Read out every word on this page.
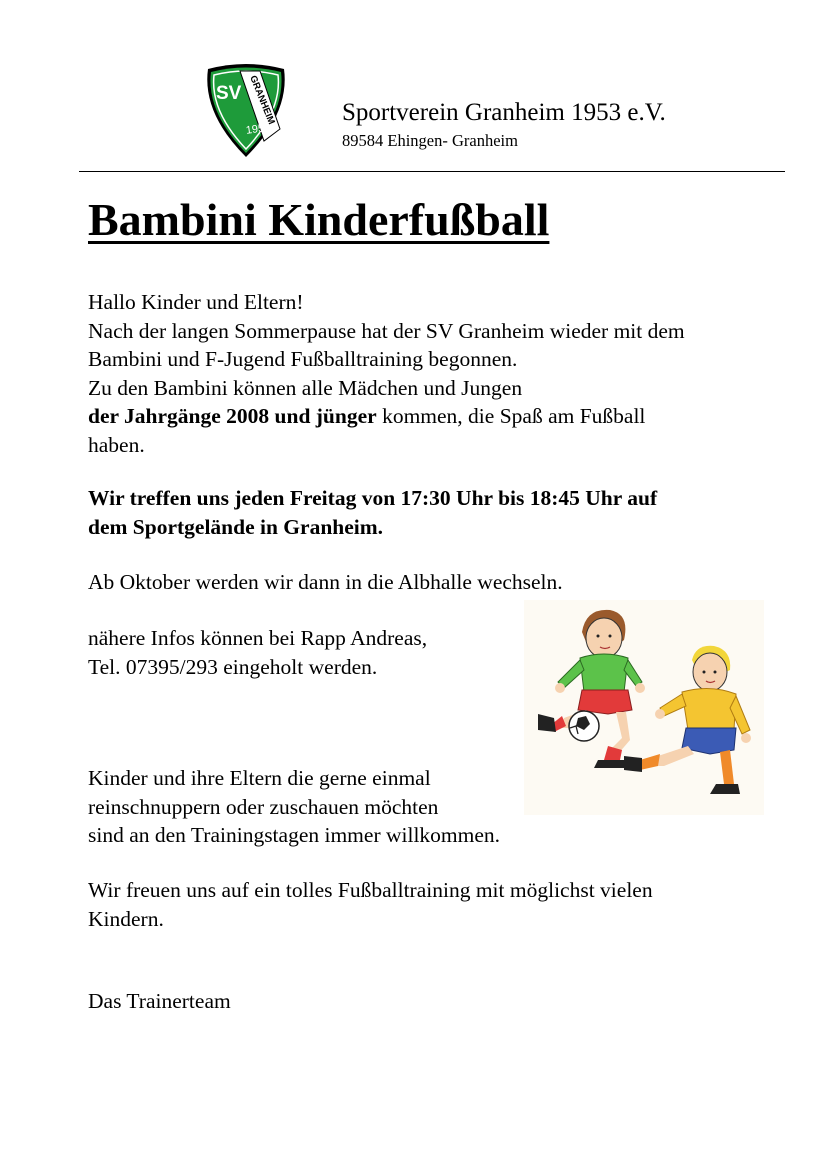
SV GRANHEIM
1953
Sportverein Granheim 1953 e.V.
89584 Ehingen- Granheim
Bambini Kinderfußball
Hallo Kinder und Eltern!
Nach der langen Sommerpause hat der SV Granheim wieder mit dem
Bambini und F-Jugend Fußballtraining begonnen.
Zu den Bambini können alle Mädchen und Jungen
der Jahrgänge 2008 und jünger kommen, die Spaß am Fußball
haben.
Wir treffen uns jeden Freitag von 17:30 Uhr bis 18:45 Uhr auf
dem Sportgelände in Granheim.
Ab Oktober werden wir dann in die Albhalle wechseln.
nähere Infos können bei Rapp Andreas,
Tel. 07395/293 eingeholt werden.
Kinder und ihre Eltern die gerne einmal
reinschnuppern oder zuschauen möchten
sind an den Trainingstagen immer willkommen.
Wir freuen uns auf ein tolles Fußballtraining mit möglichst vielen
Kindern.
Das Trainerteam
